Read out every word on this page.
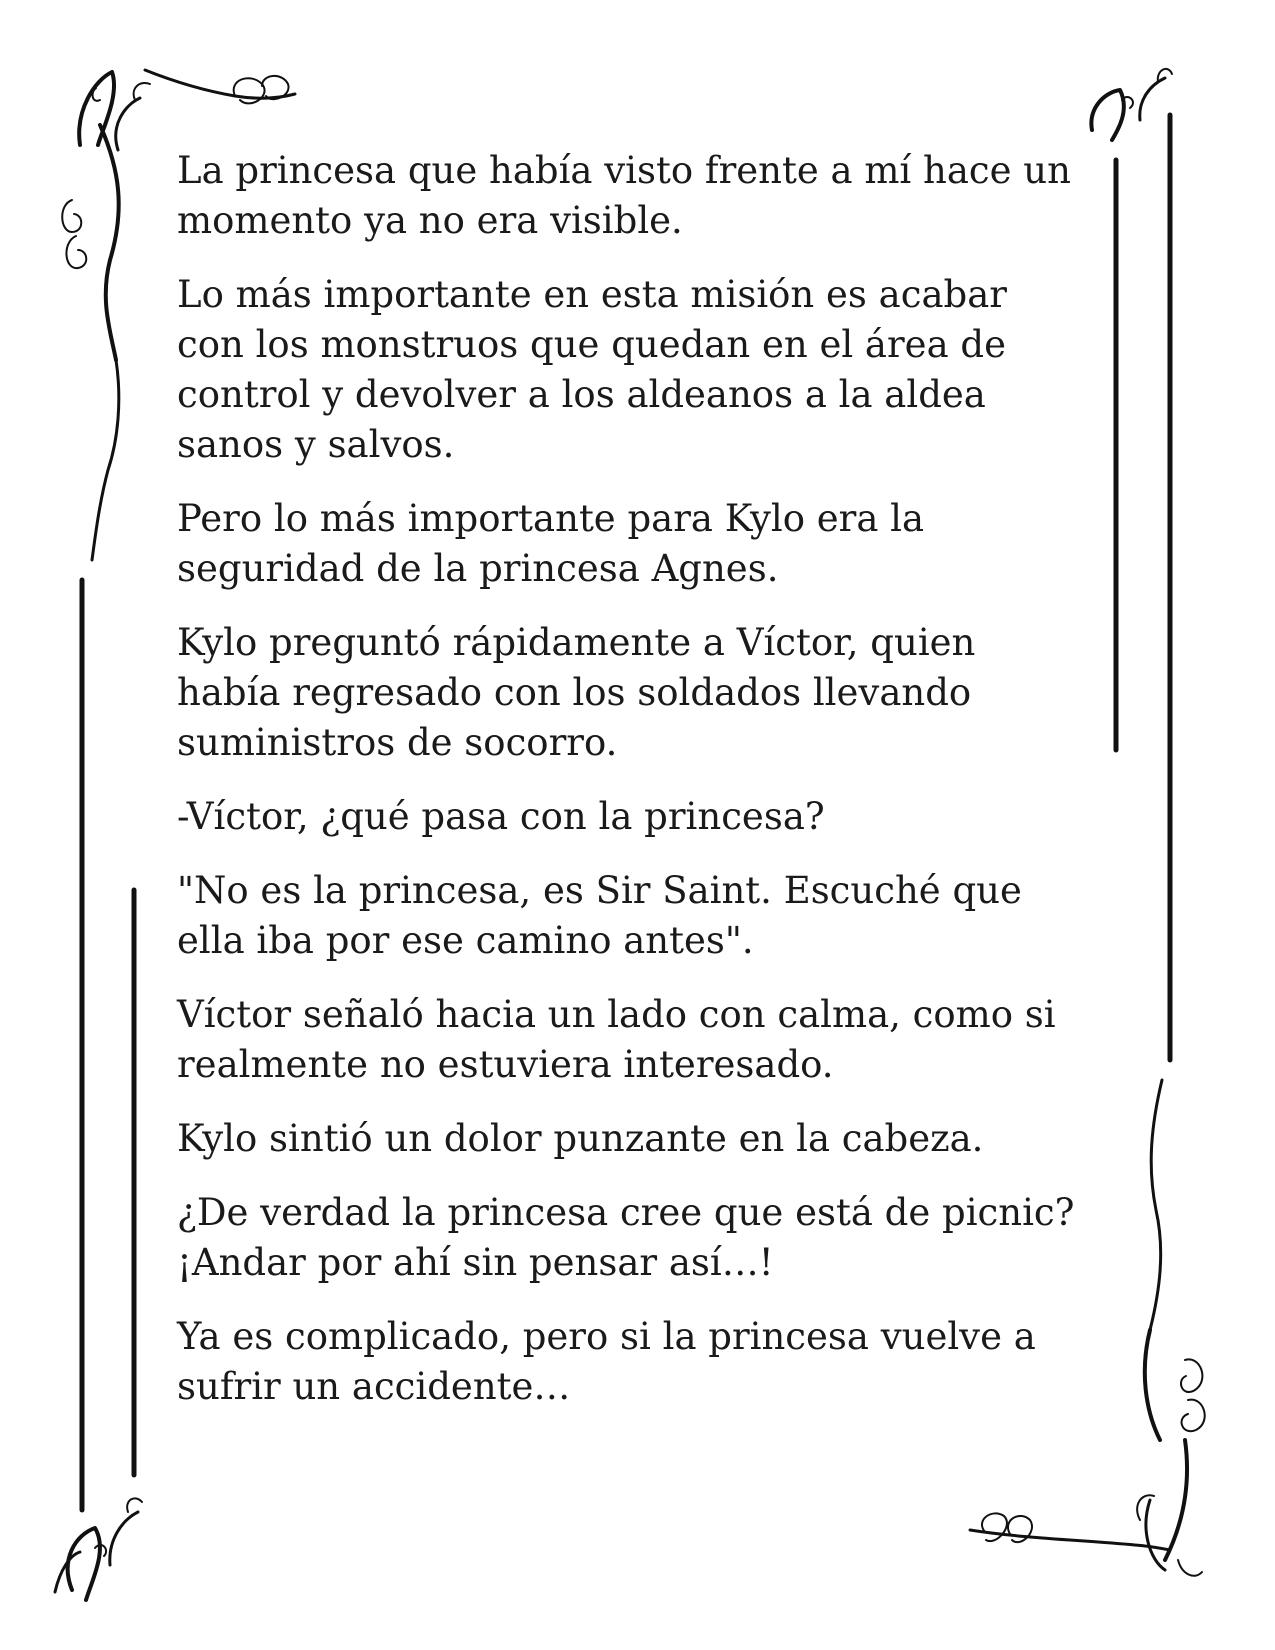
La princesa que había visto frente a mí hace un
momento ya no era visible.

Lo más importante en esta misión es acabar
con los monstruos que quedan en el área de
control y devolver a los aldeanos a la aldea
sanos y salvos.

Pero lo más importante para Kylo era la
seguridad de la princesa Agnes.

Kylo preguntó rápidamente a Víctor, quien
había regresado con los soldados llevando
suministros de socorro.

-Víctor, ¿qué pasa con la princesa?

"No es la princesa, es Sir Saint. Escuché que
ella iba por ese camino antes".

Víctor señaló hacia un lado con calma, como si
realmente no estuviera interesado.

Kylo sintió un dolor punzante en la cabeza.

¿De verdad la princesa cree que está de picnic?
¡Andar por ahí sin pensar así…!

Ya es complicado, pero si la princesa vuelve a
sufrir un accidente…
